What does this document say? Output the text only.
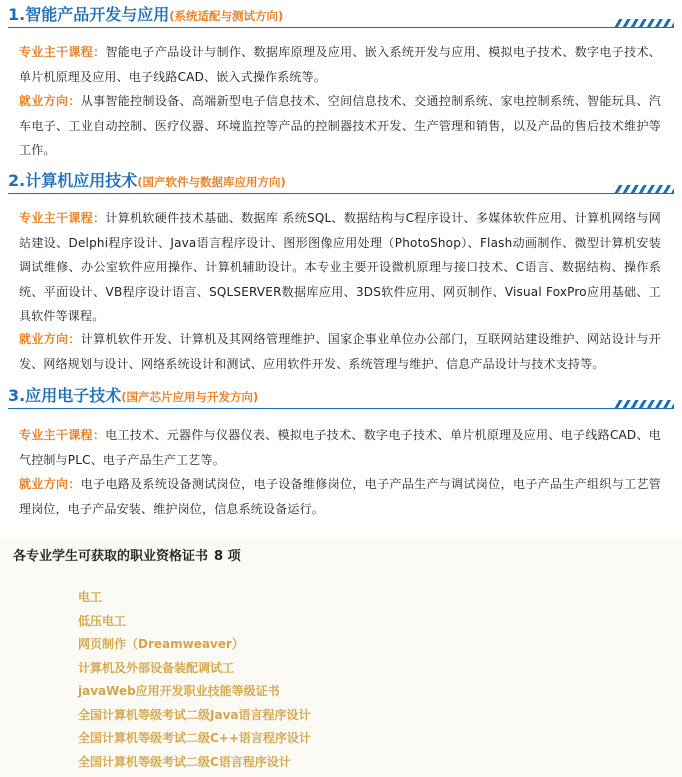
1.智能产品开发与应用(系统适配与测试方向)
专业主干课程：智能电子产品设计与制作、数据库原理及应用、嵌入系统开发与应用、模拟电子技术、数字电子技术、单片机原理及应用、电子线路CAD、嵌入式操作系统等。
就业方向：从事智能控制设备、高端新型电子信息技术、空间信息技术、交通控制系统、家电控制系统、智能玩具、汽车电子、工业自动控制、医疗仪器、环境监控等产品的控制器技术开发、生产管理和销售，以及产品的售后技术维护等工作。
2.计算机应用技术(国产软件与数据库应用方向)
专业主干课程：计算机软硬件技术基础、数据库 系统SQL、数据结构与C程序设计、多媒体软件应用、计算机网络与网站建设、Delphi程序设计、Java语言程序设计、图形图像应用处理（PhotoShop）、Flash动画制作、微型计算机安装调试维修、办公室软件应用操作、计算机辅助设计。本专业主要开设微机原理与接口技术、C语言、数据结构、操作系统、平面设计、VB程序设计语言、SQLSERVER数据库应用、3DS软件应用、网页制作、Visual FoxPro应用基础、工具软件等课程。
就业方向：计算机软件开发、计算机及其网络管理维护、国家企事业单位办公部门，互联网站建设维护、网站设计与开发、网络规划与设计、网络系统设计和测试、应用软件开发、系统管理与维护、信息产品设计与技术支持等。
3.应用电子技术(国产芯片应用与开发方向)
专业主干课程：电工技术、元器件与仪器仪表、模拟电子技术、数字电子技术、单片机原理及应用、电子线路CAD、电气控制与PLC、电子产品生产工艺等。
就业方向：电子电路及系统设备测试岗位，电子设备维修岗位，电子产品生产与调试岗位，电子产品生产组织与工艺管理岗位，电子产品安装、维护岗位，信息系统设备运行。
各专业学生可获取的职业资格证书 8 项
电工
低压电工
网页制作（Dreamweaver）
计算机及外部设备装配调试工
javaWeb应用开发职业技能等级证书
全国计算机等级考试二级Java语言程序设计
全国计算机等级考试二级C++语言程序设计
全国计算机等级考试二级C语言程序设计
